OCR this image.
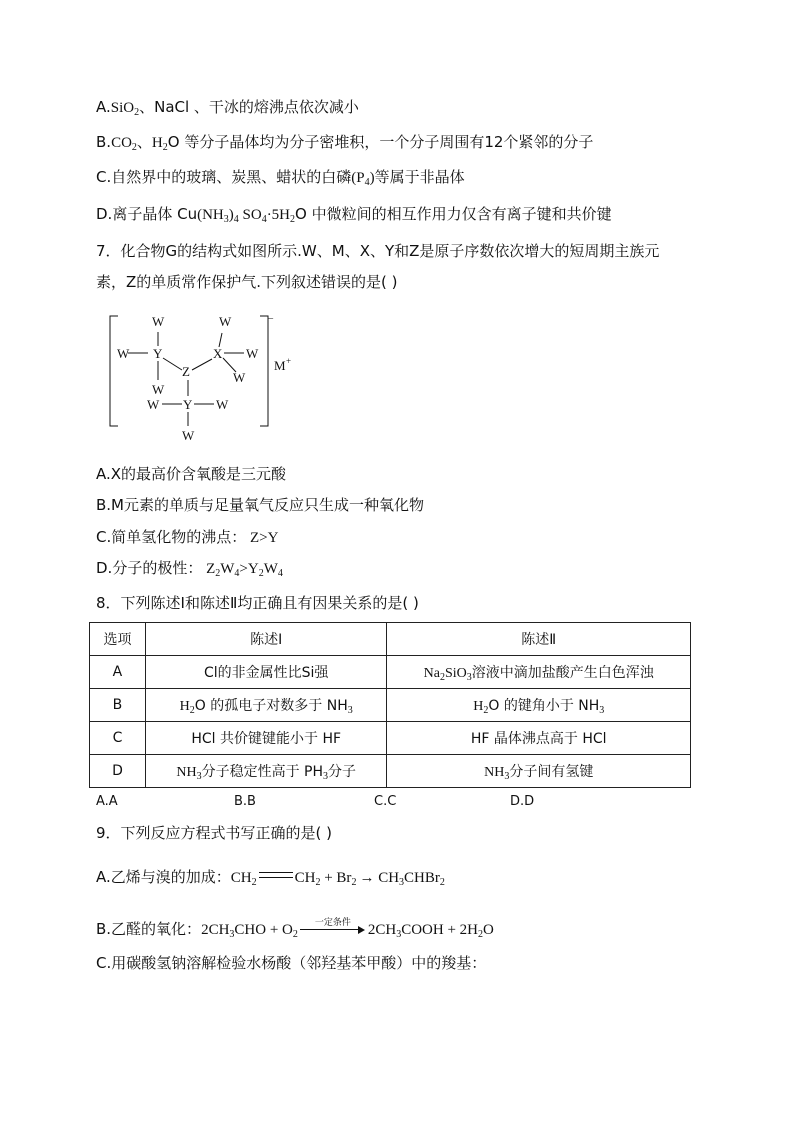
A.SiO$_2$、NaCl 、干冰的熔沸点依次减小
$B.CO_2$、$H_2O$ 等分子晶体均为分子密堆积，一个分子周围有12个紧邻的分子
C.自然界中的玻璃、炭黑、蜡状的白磷$(P_4)$等属于非晶体
D.离子晶体 $Cu(NH_3)_4$ $SO_4\cdot 5H_2O$ 中微粒间的相互作用力仅含有离子键和共价键
7．化合物G的结构式如图所示.W、M、X、Y和Z是原子序数依次增大的短周期主族元
素，Z的单质常作保护气.下列叙述错误的是( )
W
W Y
W
Z
W
X W
W
Y
W	W
W
−
M +
A.X的最高价含氧酸是三元酸
B.M元素的单质与足量氧气反应只生成一种氧化物
C.简单氢化物的沸点： Z>Y
D.分子的极性： $Z_2W_4>Y_2W_4$
8．下列陈述Ⅰ和陈述Ⅱ均正确且有因果关系的是( )
选项	陈述Ⅰ	陈述Ⅱ
A	Cl的非金属性比Si强	$Na_2SiO_3$溶液中滴加盐酸产生白色浑浊
B	$H_2O$ 的孤电子对数多于 $NH_3$	$H_2O$ 的键角小于 $NH_3$
C	HCl 共价键键能小于 HF	HF 晶体沸点高于 HCl
D	$NH_3$分子稳定性高于 $PH_3$分子	$NH_3$分子间有氢键
A.A	B.B	C.C	D.D
9．下列反应方程式书写正确的是( )
A.乙烯与溴的加成：$CH_2$	$CH_2 + Br_2$ → $CH_3CHBr_2$
B.乙醛的氧化：$2CH_3CHO + O_2$
一定条件	$2CH_3COOH + 2H_2O$
C.用碳酸氢钠溶解检验水杨酸（邻羟基苯甲酸）中的羧基：
